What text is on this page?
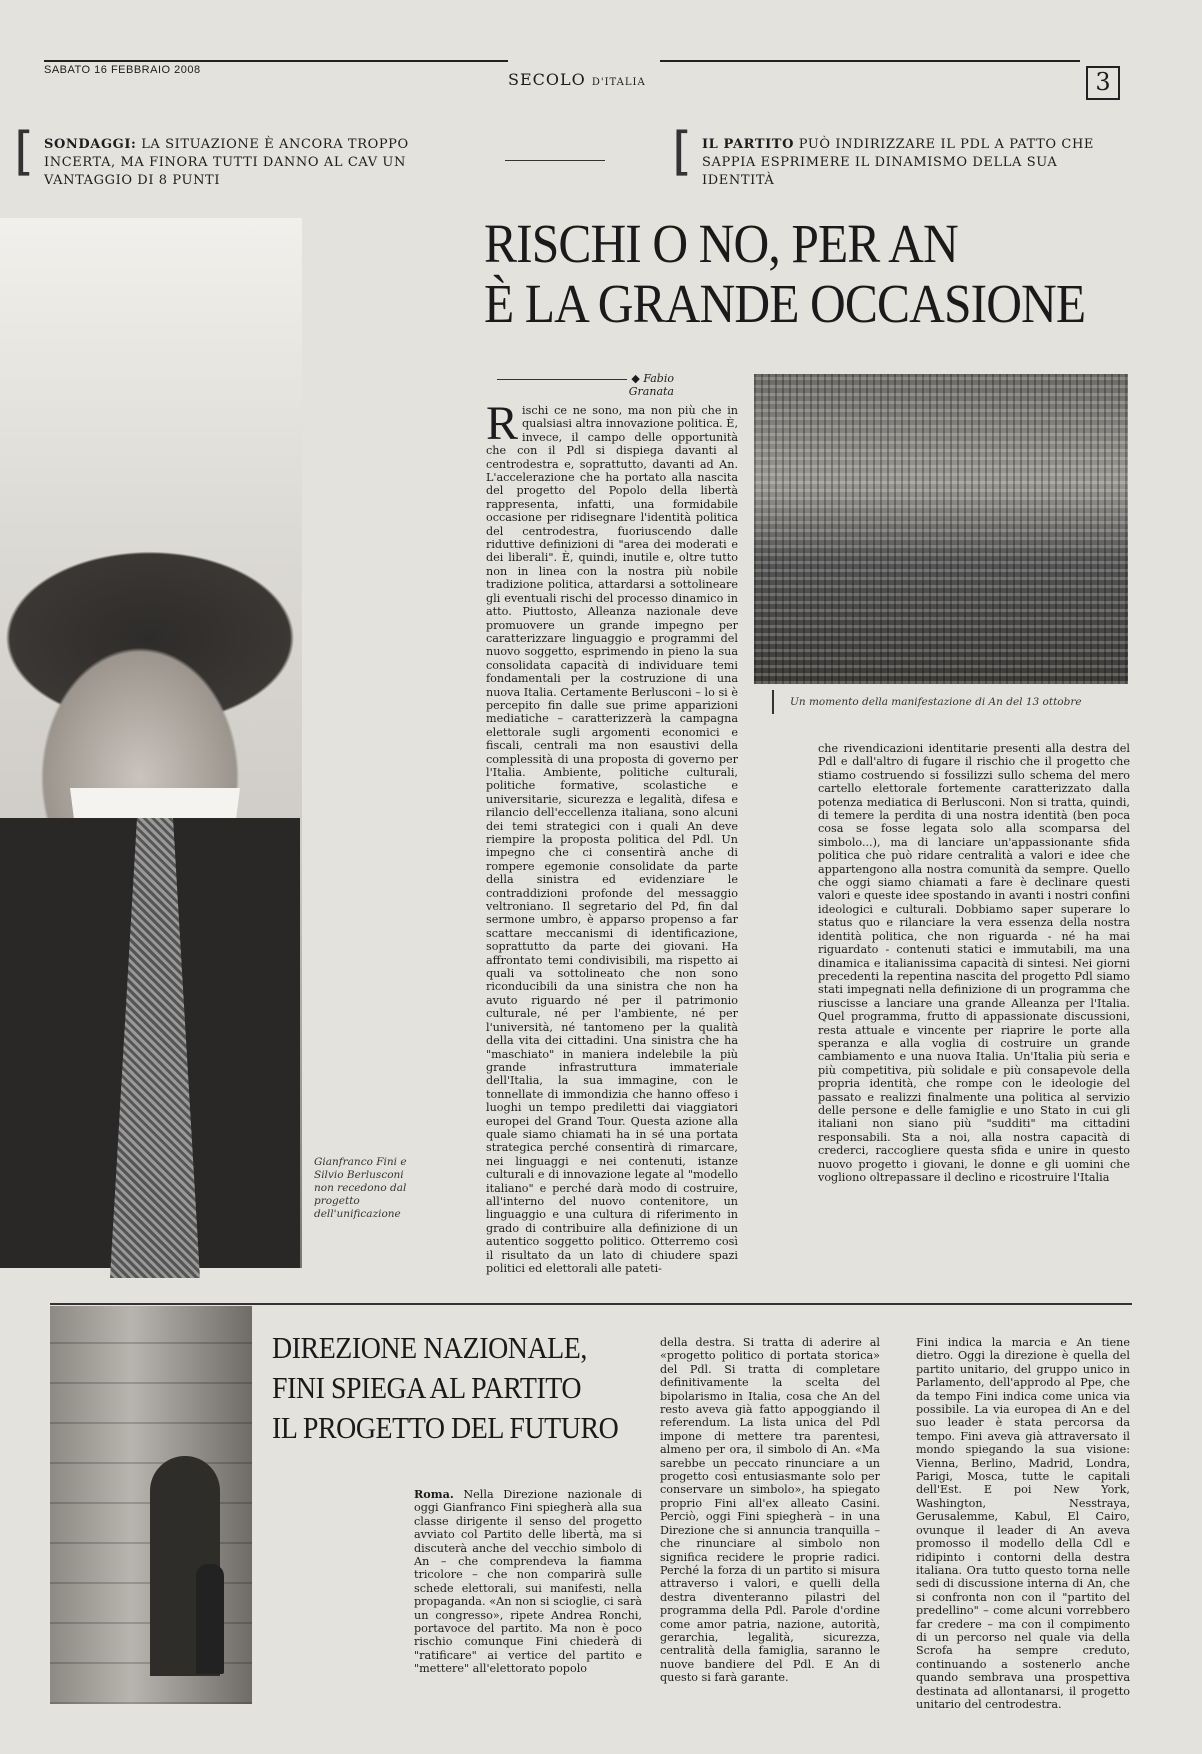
SABATO 16 FEBBRAIO 2008	SECOLO D'ITALIA	3
[ SONDAGGI: LA SITUAZIONE È ANCORA TROPPO INCERTA, MA FINORA TUTTI DANNO AL CAV UN VANTAGGIO DI 8 PUNTI	[ IL PARTITO PUÒ INDIRIZZARE IL PDL A PATTO CHE SAPPIA ESPRIMERE IL DINAMISMO DELLA SUA IDENTITÀ
Gianfranco Fini e Silvio Berlusconi non recedono dal progetto dell'unificazione
RISCHI O NO, PER AN
È LA GRANDE OCCASIONE
◆ Fabio Granata
Un momento della manifestazione di An del 13 ottobre
Rischi ce ne sono, ma non più che in qualsiasi altra innovazione politica. È, invece, il campo delle opportunità che con il Pdl si dispiega davanti al centrodestra e, soprattutto, davanti ad An. L'accelerazione che ha portato alla nascita del progetto del Popolo della libertà rappresenta, infatti, una formidabile occasione per ridisegnare l'identità politica del centrodestra, fuoriuscendo dalle riduttive definizioni di "area dei moderati e dei liberali". È, quindi, inutile e, oltre tutto non in linea con la nostra più nobile tradizione politica, attardarsi a sottolineare gli eventuali rischi del processo dinamico in atto. Piuttosto, Alleanza nazionale deve promuovere un grande impegno per caratterizzare linguaggio e programmi del nuovo soggetto, esprimendo in pieno la sua consolidata capacità di individuare temi fondamentali per la costruzione di una nuova Italia. Certamente Berlusconi – lo si è percepito fin dalle sue prime apparizioni mediatiche – caratterizzerà la campagna elettorale sugli argomenti economici e fiscali, centrali ma non esaustivi della complessità di una proposta di governo per l'Italia. Ambiente, politiche culturali, politiche formative, scolastiche e universitarie, sicurezza e legalità, difesa e rilancio dell'eccellenza italiana, sono alcuni dei temi strategici con i quali An deve riempire la proposta politica del Pdl. Un impegno che ci consentirà anche di rompere egemonie consolidate da parte della sinistra ed evidenziare le contraddizioni profonde del messaggio veltroniano. Il segretario del Pd, fin dal sermone umbro, è apparso propenso a far scattare meccanismi di identificazione, soprattutto da parte dei giovani. Ha affrontato temi condivisibili, ma rispetto ai quali va sottolineato che non sono riconducibili da una sinistra che non ha avuto riguardo né per il patrimonio culturale, né per l'ambiente, né per l'università, né tantomeno per la qualità della vita dei cittadini. Una sinistra che ha "maschiato" in maniera indelebile la più grande infrastruttura immateriale dell'Italia, la sua immagine, con le tonnellate di immondizia che hanno offeso i luoghi un tempo prediletti dai viaggiatori europei del Grand Tour. Questa azione alla quale siamo chiamati ha in sé una portata strategica perché consentirà di rimarcare, nei linguaggi e nei contenuti, istanze culturali e di innovazione legate al "modello italiano" e perché darà modo di costruire, all'interno del nuovo contenitore, un linguaggio e una cultura di riferimento in grado di contribuire alla definizione di un autentico soggetto politico. Otterremo così il risultato da un lato di chiudere spazi politici ed elettorali alle pateti-
che rivendicazioni identitarie presenti alla destra del Pdl e dall'altro di fugare il rischio che il progetto che stiamo costruendo si fossilizzi sullo schema del mero cartello elettorale fortemente caratterizzato dalla potenza mediatica di Berlusconi. Non si tratta, quindi, di temere la perdita di una nostra identità (ben poca cosa se fosse legata solo alla scomparsa del simbolo...), ma di lanciare un'appassionante sfida politica che può ridare centralità a valori e idee che appartengono alla nostra comunità da sempre. Quello che oggi siamo chiamati a fare è declinare questi valori e queste idee spostando in avanti i nostri confini ideologici e culturali. Dobbiamo saper superare lo status quo e rilanciare la vera essenza della nostra identità politica, che non riguarda - né ha mai riguardato - contenuti statici e immutabili, ma una dinamica e italianissima capacità di sintesi. Nei giorni precedenti la repentina nascita del progetto Pdl siamo stati impegnati nella definizione di un programma che riuscisse a lanciare una grande Alleanza per l'Italia. Quel programma, frutto di appassionate discussioni, resta attuale e vincente per riaprire le porte alla speranza e alla voglia di costruire un grande cambiamento e una nuova Italia. Un'Italia più seria e più competitiva, più solidale e più consapevole della propria identità, che rompe con le ideologie del passato e realizzi finalmente una politica al servizio delle persone e delle famiglie e uno Stato in cui gli italiani non siano più "sudditi" ma cittadini responsabili. Sta a noi, alla nostra capacità di crederci, raccogliere questa sfida e unire in questo nuovo progetto i giovani, le donne e gli uomini che vogliono oltrepassare il declino e ricostruire l'Italia
DIREZIONE NAZIONALE,
FINI SPIEGA AL PARTITO
IL PROGETTO DEL FUTURO
Roma. Nella Direzione nazionale di oggi Gianfranco Fini spiegherà alla sua classe dirigente il senso del progetto avviato col Partito delle libertà, ma si discuterà anche del vecchio simbolo di An – che comprendeva la fiamma tricolore – che non comparirà sulle schede elettorali, sui manifesti, nella propaganda. «An non si scioglie, ci sarà un congresso», ripete Andrea Ronchi, portavoce del partito. Ma non è poco rischio comunque Fini chiederà di "ratificare" ai vertice del partito e "mettere" all'elettorato popolo
della destra. Si tratta di aderire al «progetto politico di portata storica» del Pdl. Si tratta di completare definitivamente la scelta del bipolarismo in Italia, cosa che An del resto aveva già fatto appoggiando il referendum. La lista unica del Pdl impone di mettere tra parentesi, almeno per ora, il simbolo di An. «Ma sarebbe un peccato rinunciare a un progetto così entusiasmante solo per conservare un simbolo», ha spiegato proprio Fini all'ex alleato Casini. Perciò, oggi Fini spiegherà – in una Direzione che si annuncia tranquilla – che rinunciare al simbolo non significa recidere le proprie radici. Perché la forza di un partito si misura attraverso i valori, e quelli della destra diventeranno pilastri del programma della Pdl. Parole d'ordine come amor patria, nazione, autorità, gerarchia, legalità, sicurezza, centralità della famiglia, saranno le nuove bandiere del Pdl. E An di questo si farà garante.
Fini indica la marcia e An tiene dietro. Oggi la direzione è quella del partito unitario, del gruppo unico in Parlamento, dell'approdo al Ppe, che da tempo Fini indica come unica via possibile. La via europea di An e del suo leader è stata percorsa da tempo. Fini aveva già attraversato il mondo spiegando la sua visione: Vienna, Berlino, Madrid, Londra, Parigi, Mosca, tutte le capitali dell'Est. E poi New York, Washington, Nesstraya, Gerusalemme, Kabul, El Cairo, ovunque il leader di An aveva promosso il modello della Cdl e ridipinto i contorni della destra italiana. Ora tutto questo torna nelle sedi di discussione interna di An, che si confronta non con il "partito del predellino" – come alcuni vorrebbero far credere – ma con il compimento di un percorso nel quale via della Scrofa ha sempre creduto, continuando a sostenerlo anche quando sembrava una prospettiva destinata ad allontanarsi, il progetto unitario del centrodestra.
